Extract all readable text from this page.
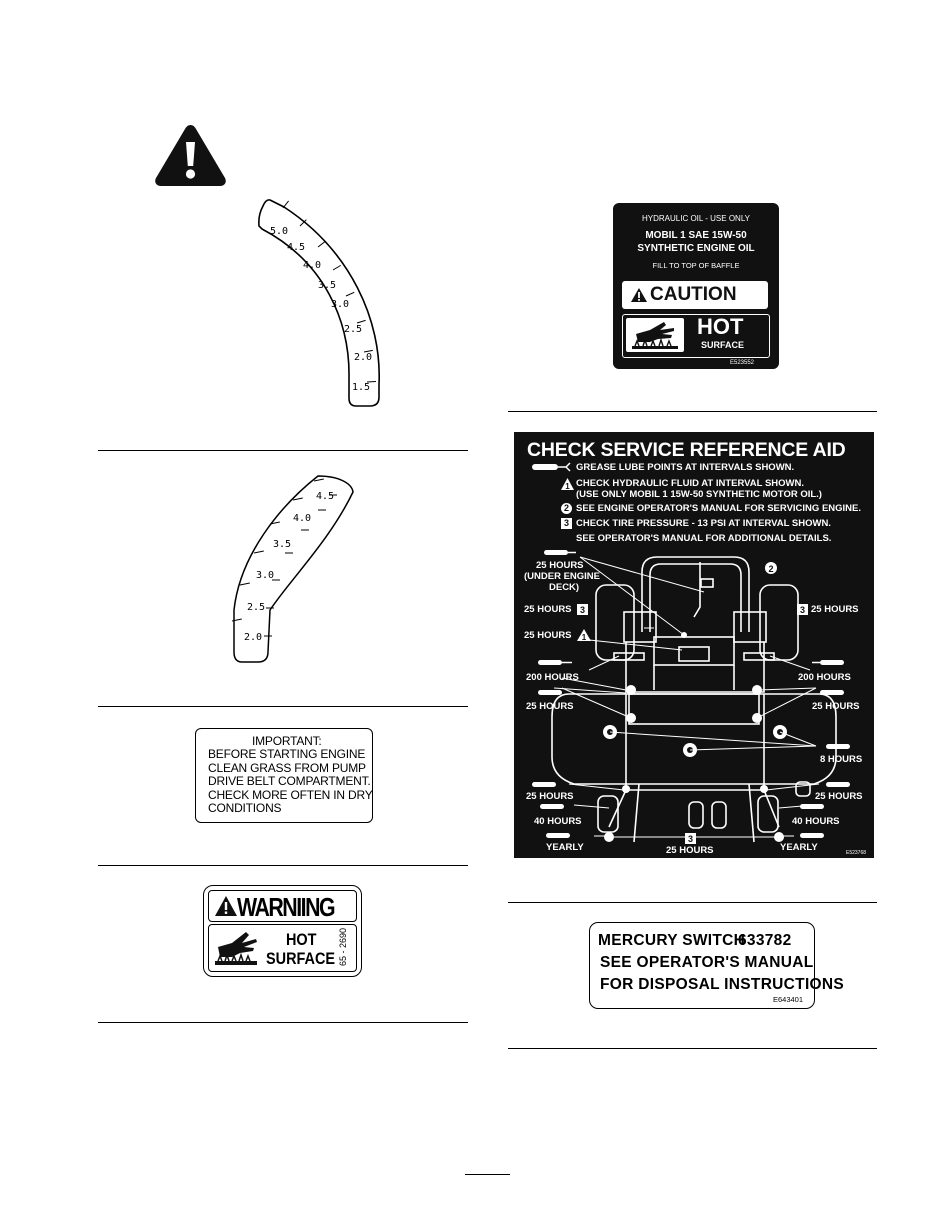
5.0
4.5
4.0
3.5
3.0
2.5
2.0
1.5
4.5
4.0
3.5
3.0
2.5
2.0
IMPORTANT:
BEFORE STARTING ENGINE
CLEAN GRASS FROM PUMP
DRIVE BELT COMPARTMENT.
CHECK MORE OFTEN IN DRY
CONDITIONS
WARNIING
HOT
SURFACE 65 - 2690
HYDRAULIC OIL - USE ONLY
MOBIL 1 SAE 15W-50
SYNTHETIC ENGINE OIL
FILL TO TOP OF BAFFLE
CAUTION
HOT
SURFACE
E523552
CHECK SERVICE REFERENCE AID
GREASE LUBE POINTS AT INTERVALS SHOWN.
1 CHECK HYDRAULIC FLUID AT INTERVAL SHOWN.
(USE ONLY MOBIL 1 15W-50 SYNTHETIC MOTOR OIL.)
2 SEE ENGINE OPERATOR'S MANUAL FOR SERVICING ENGINE.
3 CHECK TIRE PRESSURE - 13 PSI AT INTERVAL SHOWN.
SEE OPERATOR'S MANUAL FOR ADDITIONAL DETAILS.
2
3	3
3
1
25 HOURS
(UNDER ENGINE
DECK)
25 HOURS	25 HOURS
25 HOURS
200 HOURS	200 HOURS
25 HOURS	25 HOURS
8 HOURS
25 HOURS	25 HOURS
40 HOURS	40 HOURS
YEARLY	25 HOURS	YEARLY	E523768
MERCURY SWITCH
633782
SEE OPERATOR'S MANUAL
FOR DISPOSAL INSTRUCTIONS
E643401
